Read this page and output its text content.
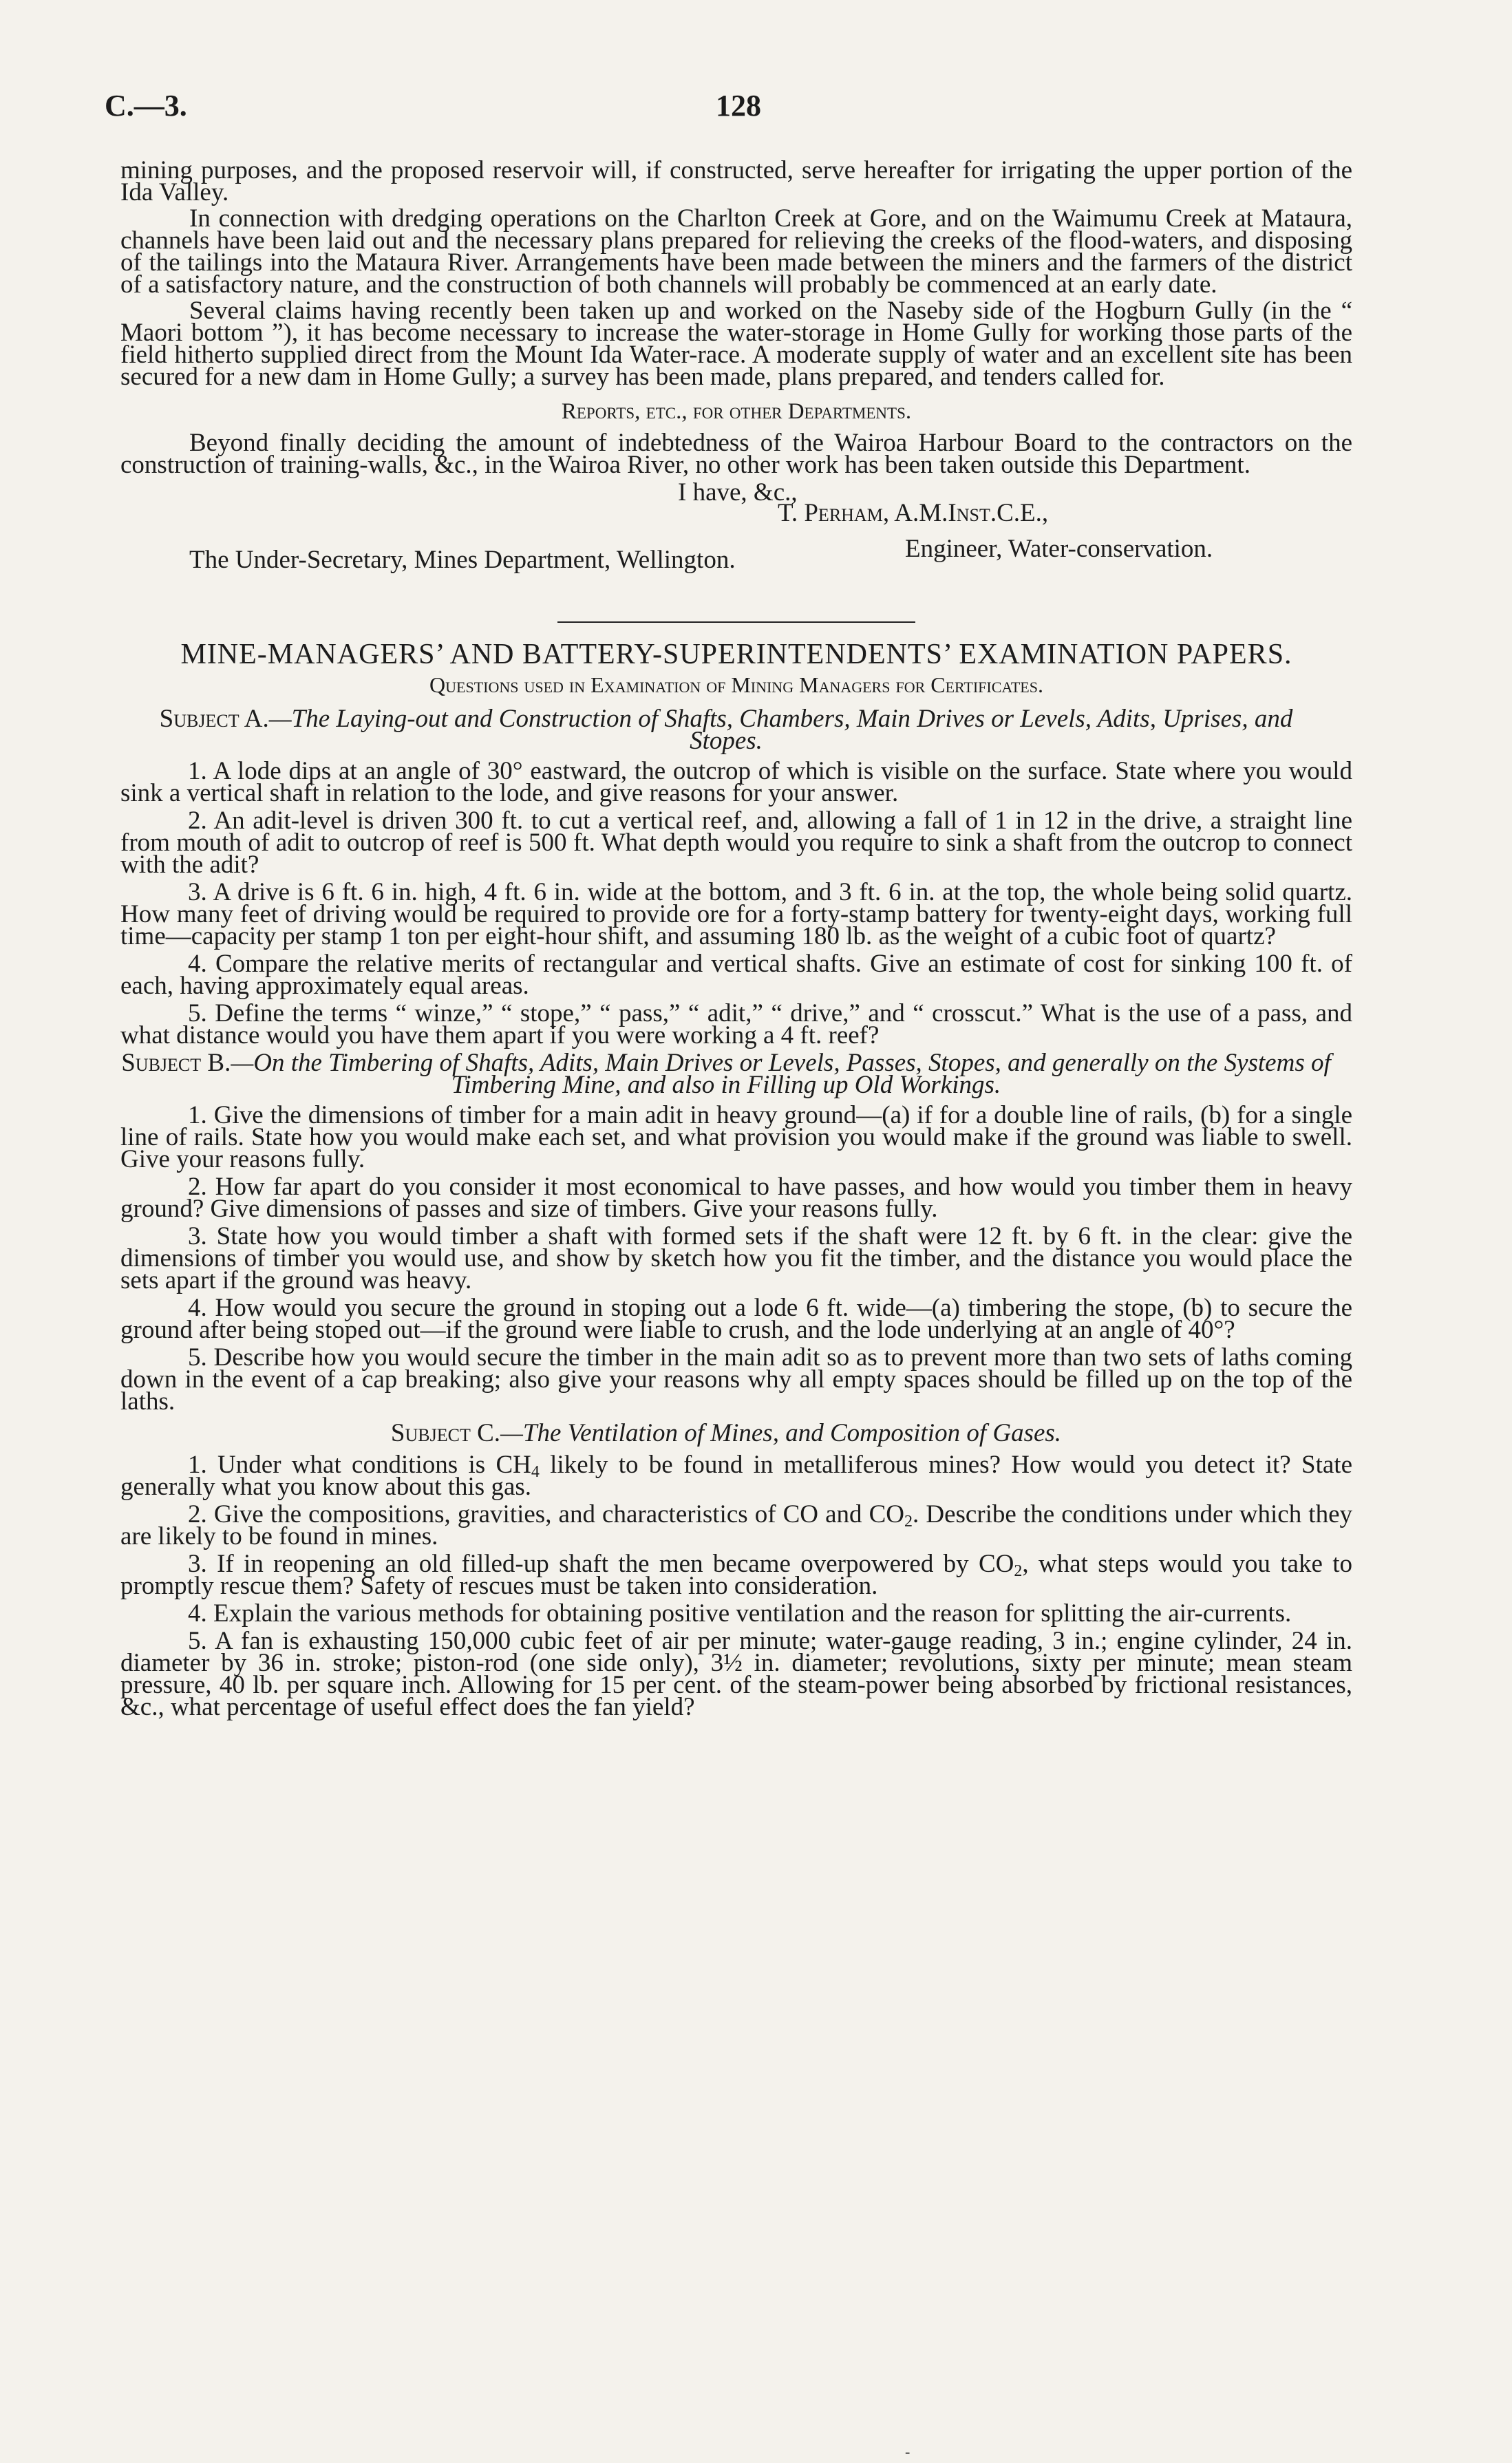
C.—3.	128

mining purposes, and the proposed reservoir will, if constructed, serve hereafter for irrigating the upper portion of the Ida Valley.

In connection with dredging operations on the Charlton Creek at Gore, and on the Waimumu Creek at Mataura, channels have been laid out and the necessary plans prepared for relieving the creeks of the flood-waters, and disposing of the tailings into the Mataura River. Arrangements have been made between the miners and the farmers of the district of a satisfactory nature, and the construction of both channels will probably be commenced at an early date.

Several claims having recently been taken up and worked on the Naseby side of the Hogburn Gully (in the “ Maori bottom ”), it has become necessary to increase the water-storage in Home Gully for working those parts of the field hitherto supplied direct from the Mount Ida Water-race. A moderate supply of water and an excellent site has been secured for a new dam in Home Gully; a survey has been made, plans prepared, and tenders called for.

Reports, etc., for other Departments.

Beyond finally deciding the amount of indebtedness of the Wairoa Harbour Board to the contractors on the construction of training-walls, &c., in the Wairoa River, no other work has been taken outside this Department.

I have, &c.,
T. Perham, A.M.Inst.C.E.,
Engineer, Water-conservation.
The Under-Secretary, Mines Department, Wellington.
MINE-MANAGERS’ AND BATTERY-SUPERINTENDENTS’ EXAMINATION PAPERS.
Questions used in Examination of Mining Managers for Certificates.

Subject A.—The Laying-out and Construction of Shafts, Chambers, Main Drives or Levels, Adits, Uprises, and Stopes.

1. A lode dips at an angle of 30° eastward, the outcrop of which is visible on the surface. State where you would sink a vertical shaft in relation to the lode, and give reasons for your answer.

2. An adit-level is driven 300 ft. to cut a vertical reef, and, allowing a fall of 1 in 12 in the drive, a straight line from mouth of adit to outcrop of reef is 500 ft. What depth would you require to sink a shaft from the outcrop to connect with the adit?

3. A drive is 6 ft. 6 in. high, 4 ft. 6 in. wide at the bottom, and 3 ft. 6 in. at the top, the whole being solid quartz. How many feet of driving would be required to provide ore for a forty-stamp battery for twenty-eight days, working full time—capacity per stamp 1 ton per eight-hour shift, and assuming 180 lb. as the weight of a cubic foot of quartz?

4. Compare the relative merits of rectangular and vertical shafts. Give an estimate of cost for sinking 100 ft. of each, having approximately equal areas.

5. Define the terms “ winze,” “ stope,” “ pass,” “ adit,” “ drive,” and “ crosscut.” What is the use of a pass, and what distance would you have them apart if you were working a 4 ft. reef?

Subject B.—On the Timbering of Shafts, Adits, Main Drives or Levels, Passes, Stopes, and generally on the Systems of Timbering Mine, and also in Filling up Old Workings.

1. Give the dimensions of timber for a main adit in heavy ground—(a) if for a double line of rails, (b) for a single line of rails. State how you would make each set, and what provision you would make if the ground was liable to swell. Give your reasons fully.

2. How far apart do you consider it most economical to have passes, and how would you timber them in heavy ground? Give dimensions of passes and size of timbers. Give your reasons fully.

3. State how you would timber a shaft with formed sets if the shaft were 12 ft. by 6 ft. in the clear: give the dimensions of timber you would use, and show by sketch how you fit the timber, and the distance you would place the sets apart if the ground was heavy.

4. How would you secure the ground in stoping out a lode 6 ft. wide—(a) timbering the stope, (b) to secure the ground after being stoped out—if the ground were liable to crush, and the lode underlying at an angle of 40°?

5. Describe how you would secure the timber in the main adit so as to prevent more than two sets of laths coming down in the event of a cap breaking; also give your reasons why all empty spaces should be filled up on the top of the laths.

Subject C.—The Ventilation of Mines, and Composition of Gases.

1. Under what conditions is $CH_4$ likely to be found in metalliferous mines? How would you detect it? State generally what you know about this gas.

2. Give the compositions, gravities, and characteristics of CO and $CO_2$. Describe the conditions under which they are likely to be found in mines.

3. If in reopening an old filled-up shaft the men became overpowered by $CO_2$, what steps would you take to promptly rescue them? Safety of rescues must be taken into consideration.

4. Explain the various methods for obtaining positive ventilation and the reason for splitting the air-currents.

5. A fan is exhausting 150,000 cubic feet of air per minute; water-gauge reading, 3 in.; engine cylinder, 24 in. diameter by 36 in. stroke; piston-rod (one side only), 3½ in. diameter; revolutions, sixty per minute; mean steam pressure, 40 lb. per square inch. Allowing for 15 per cent. of the steam-power being absorbed by frictional resistances, &c., what percentage of useful effect does the fan yield?

-
